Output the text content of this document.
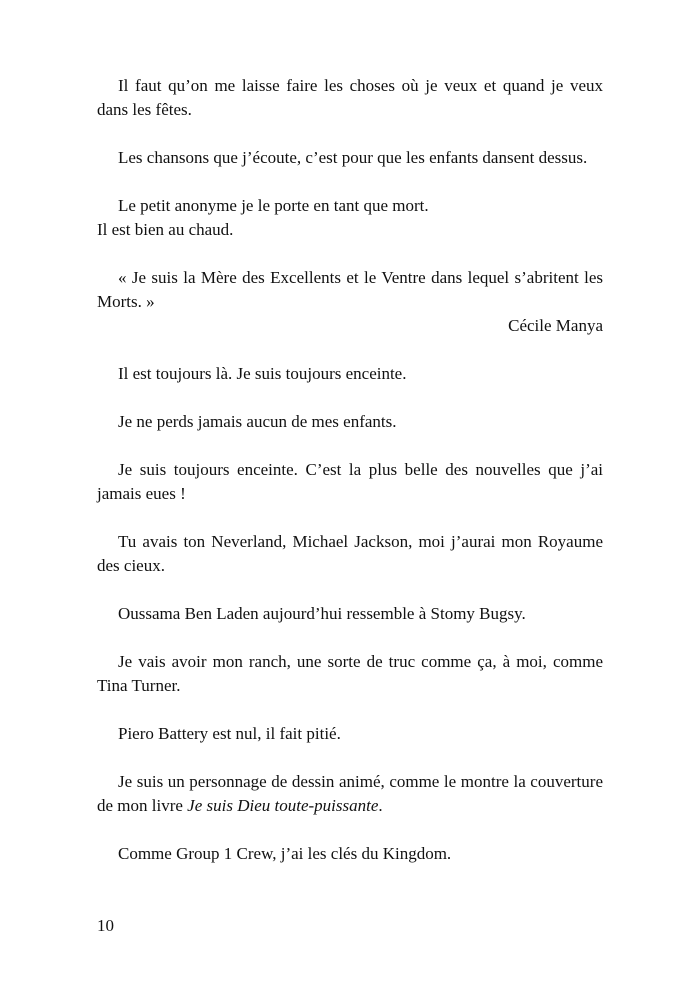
Il faut qu’on me laisse faire les choses où je veux et quand je veux dans les fêtes.

Les chansons que j’écoute, c’est pour que les enfants dansent dessus.

Le petit anonyme je le porte en tant que mort.
Il est bien au chaud.

« Je suis la Mère des Excellents et le Ventre dans lequel s’abritent les Morts. »

Cécile Manya

Il est toujours là. Je suis toujours enceinte.

Je ne perds jamais aucun de mes enfants.

Je suis toujours enceinte. C’est la plus belle des nouvelles que j’ai jamais eues !

Tu avais ton Neverland, Michael Jackson, moi j’aurai mon Royaume des cieux.

Oussama Ben Laden aujourd’hui ressemble à Stomy Bugsy.

Je vais avoir mon ranch, une sorte de truc comme ça, à moi, comme Tina Turner.

Piero Battery est nul, il fait pitié.

Je suis un personnage de dessin animé, comme le montre la couverture de mon livre Je suis Dieu toute-puissante.

Comme Group 1 Crew, j’ai les clés du Kingdom.

10
